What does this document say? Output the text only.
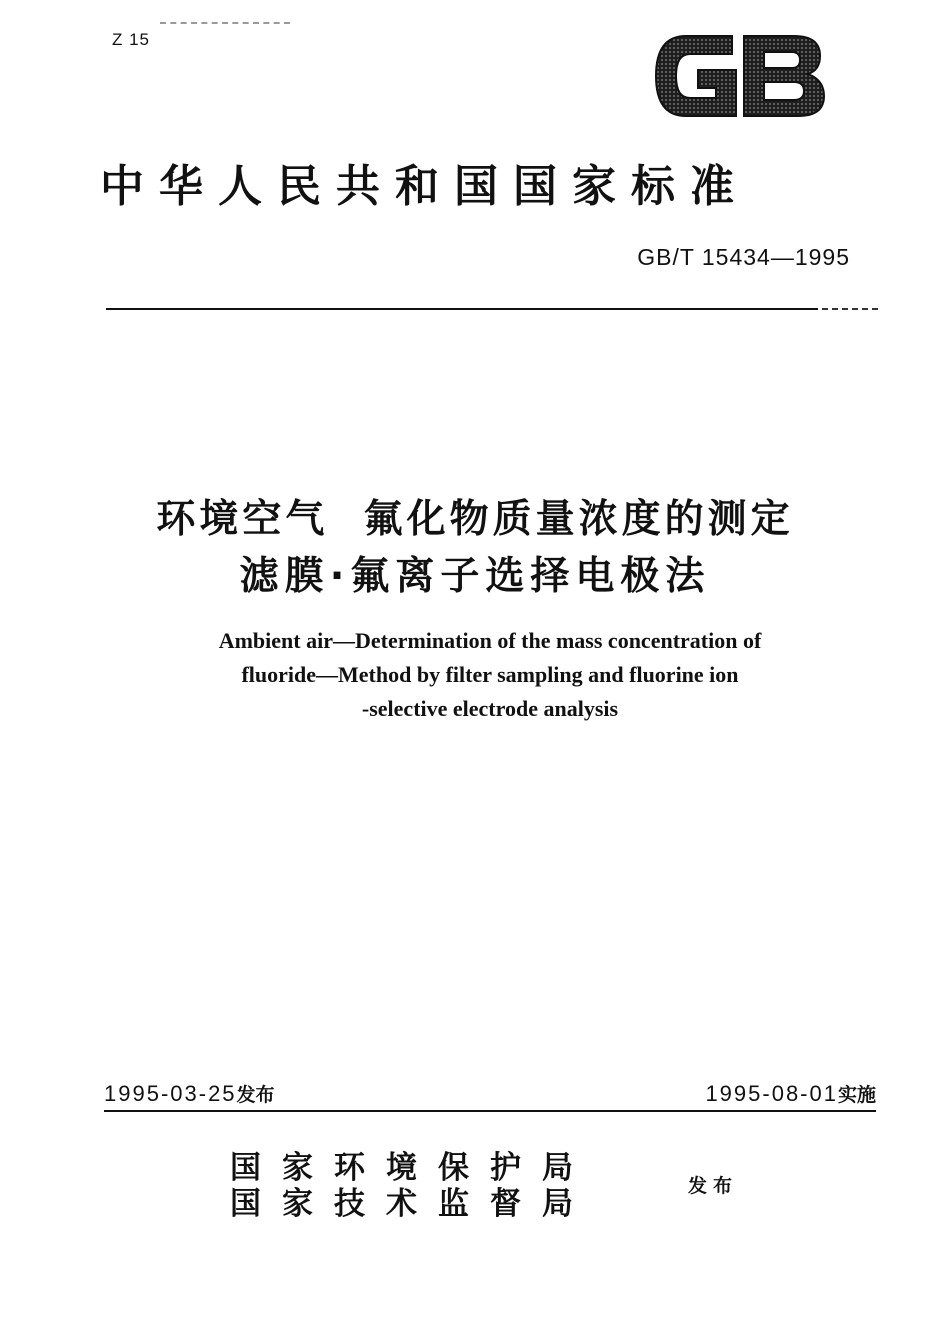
Z 15
中华人民共和国国家标准
GB/T 15434—1995
环境空气  氟化物质量浓度的测定
滤膜·氟离子选择电极法
Ambient air—Determination of the mass concentration of
fluoride—Method by filter sampling and fluorine ion
-selective electrode analysis
1995-03-25发布	1995-08-01实施
国家环境保护局
国家技术监督局	发布
